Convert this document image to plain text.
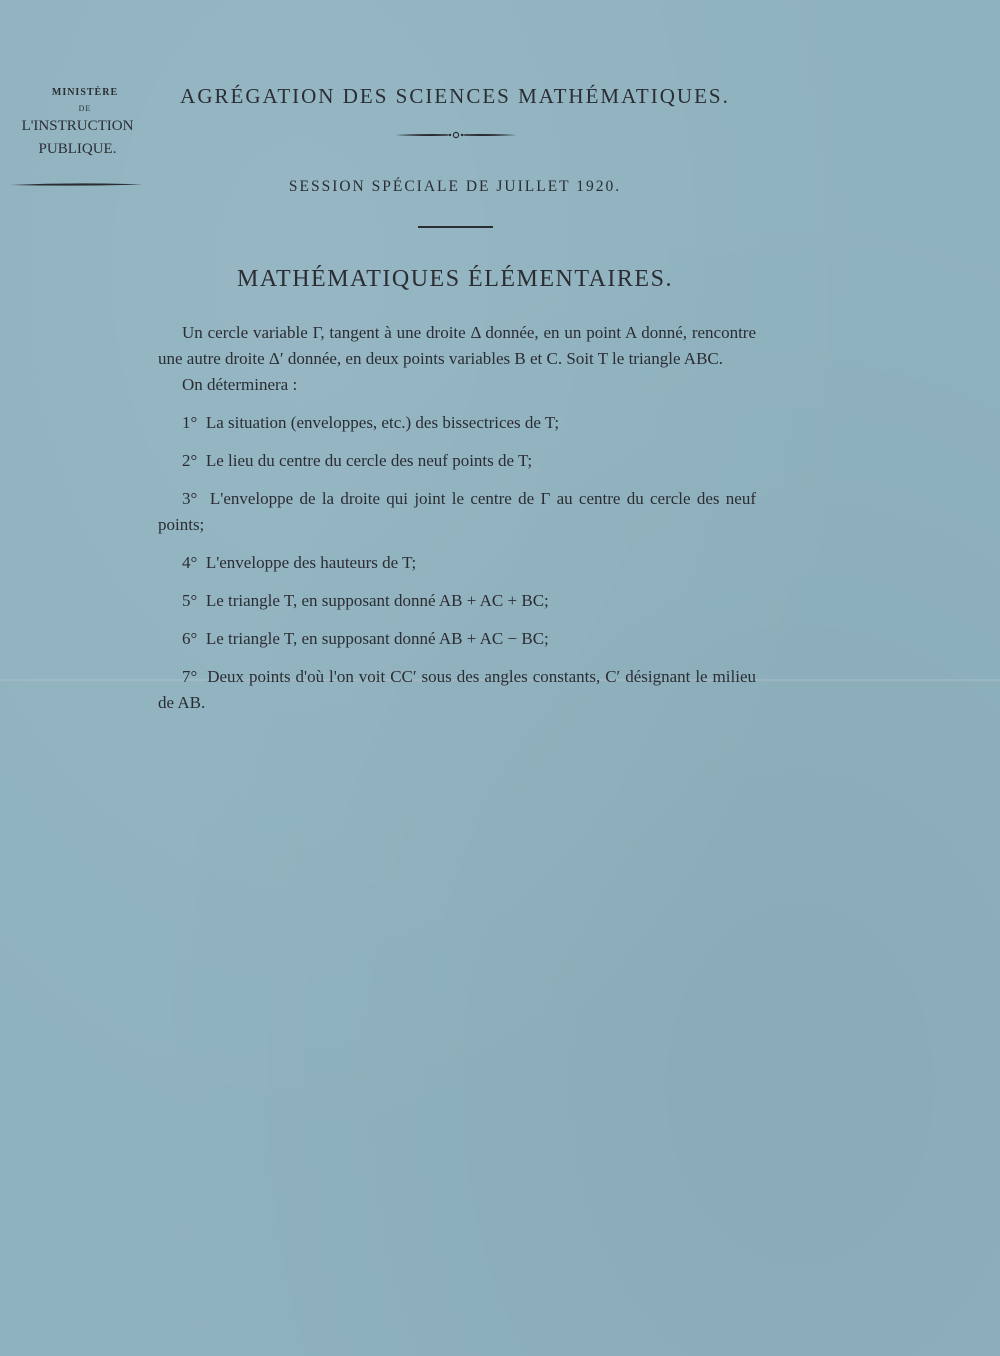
MINISTÈRE
DE
L'INSTRUCTION
PUBLIQUE.
AGRÉGATION DES SCIENCES MATHÉMATIQUES.
SESSION SPÉCIALE DE JUILLET 1920.
MATHÉMATIQUES ÉLÉMENTAIRES.

Un cercle variable Γ, tangent à une droite Δ donnée, en un point A donné, rencontre une autre droite Δ′ donnée, en deux points variables B et C. Soit T le triangle ABC.

On déterminera :

1° La situation (enveloppes, etc.) des bissectrices de T;

2° Le lieu du centre du cercle des neuf points de T;

3° L'enveloppe de la droite qui joint le centre de Γ au centre du cercle des neuf points;

4° L'enveloppe des hauteurs de T;

5° Le triangle T, en supposant donné AB + AC + BC;

6° Le triangle T, en supposant donné AB + AC − BC;

7° Deux points d'où l'on voit CC′ sous des angles constants, C′ désignant le milieu de AB.
